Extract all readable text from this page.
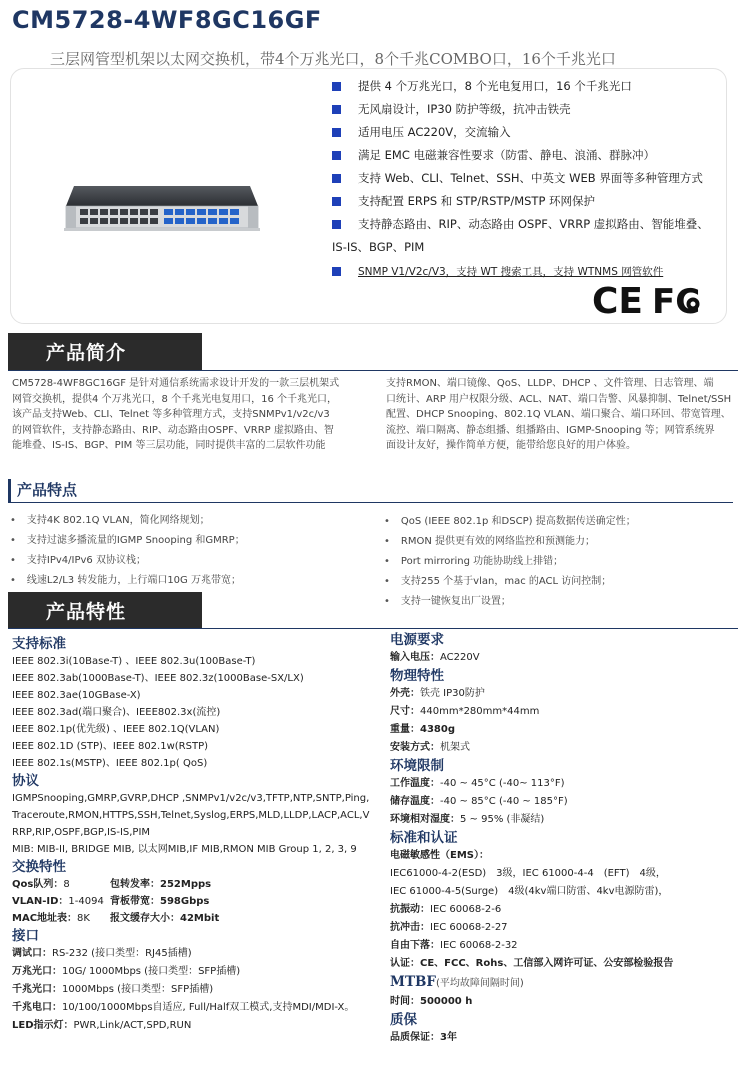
CM5728-4WF8GC16GF
三层网管型机架以太网交换机，带4个万兆光口，8个千兆COMBO口，16个千兆光口
提供 4 个万兆光口，8 个光电复用口，16 个千兆光口
无风扇设计，IP30 防护等级，抗冲击铁壳
适用电压 AC220V，交流输入
满足 EMC 电磁兼容性要求（防雷、静电、浪涌、群脉冲）
支持 Web、CLI、Telnet、SSH、中英文 WEB 界面等多种管理方式
支持配置 ERPS 和 STP/RSTP/MSTP 环网保护
支持静态路由、RIP、动态路由 OSPF、VRRP 虚拟路由、智能堆叠、
IS-IS、BGP、PIM
SNMP V1/V2c/V3，支持 WT 搜索工具，支持 WTNMS 网管软件
CE FC
产品简介
CM5728-4WF8GC16GF 是针对通信系统需求设计开发的一款三层机架式
网管交换机，提供4 个万兆光口，8 个千兆光电复用口，16 个千兆光口，
该产品支持Web、CLI、Telnet 等多种管理方式，支持SNMPv1/v2c/v3
的网管软件，支持静态路由、RIP、动态路由OSPF、VRRP 虚拟路由、智
能堆叠、IS-IS、BGP、PIM 等三层功能，同时提供丰富的二层软件功能
支持RMON、端口镜像、QoS、LLDP、DHCP 、文件管理、日志管理、端
口统计、ARP 用户权限分级、ACL、NAT、端口告警、风暴抑制、Telnet/SSH
配置、DHCP Snooping、802.1Q VLAN、端口聚合、端口环回、带宽管理、
流控、端口隔离、静态组播、组播路由、IGMP-Snooping 等；网管系统界
面设计友好，操作简单方便，能带给您良好的用户体验。
产品特点
• 支持4K 802.1Q VLAN，简化网络规划；
• 支持过滤多播流量的IGMP Snooping 和GMRP；
• 支持IPv4/IPv6 双协议栈；
• 线速L2/L3 转发能力，上行端口10G 万兆带宽；
• QoS (IEEE 802.1p 和DSCP) 提高数据传送确定性；
• RMON 提供更有效的网络监控和预测能力；
• Port mirroring 功能协助线上排错；
• 支持255 个基于vlan，mac 的ACL 访问控制；
• 支持一键恢复出厂设置；
产品特性
支持标准
IEEE 802.3i(10Base-T) 、IEEE 802.3u(100Base-T)
IEEE 802.3ab(1000Base-T)、IEEE 802.3z(1000Base-SX/LX)
IEEE 802.3ae(10GBase-X)
IEEE 802.3ad(端口聚合)、IEEE802.3x(流控)
IEEE 802.1p(优先级) 、IEEE 802.1Q(VLAN)
IEEE 802.1D (STP)、IEEE 802.1w(RSTP)
IEEE 802.1s(MSTP)、IEEE 802.1p( QoS)
协议
IGMPSnooping,GMRP,GVRP,DHCP ,SNMPv1/v2c/v3,TFTP,NTP,SNTP,Ping,Traceroute,RMON,HTTPS,SSH,Telnet,Syslog,ERPS,MLD,LLDP,LACP,ACL,VRRP,RIP,OSPF,BGP,IS-IS,PIM
MIB: MIB-II, BRIDGE MIB, 以太网MIB,IF MIB,RMON MIB Group 1, 2, 3, 9
交换特性
Qos队列：8	包转发率：252Mpps
VLAN-ID：1-4094 背板带宽：598Gbps
MAC地址表：8K 报文缓存大小：42Mbit
接口
调试口：RS-232 (接口类型：RJ45插槽)
万兆光口：10G/ 1000Mbps (接口类型：SFP插槽)
千兆光口：1000Mbps (接口类型：SFP插槽)
千兆电口：10/100/1000Mbps自适应, Full/Half双工模式,支持MDI/MDI-X。
LED指示灯：PWR,Link/ACT,SPD,RUN
电源要求
输入电压：AC220V
物理特性
外壳：铁壳 IP30防护
尺寸：440mm*280mm*44mm
重量：4380g
安装方式：机架式
环境限制
工作温度：-40 ~ 45°C (-40~ 113°F)
储存温度：-40 ~ 85°C (-40 ~ 185°F)
环境相对湿度：5 ~ 95% (非凝结)
标准和认证
电磁敏感性（EMS）：
IEC61000-4-2(ESD)　3级，IEC 61000-4-4　(EFT)　4级，
IEC 61000-4-5(Surge)　4级(4kv端口防雷、4kv电源防雷)，
抗振动：IEC 60068-2-6
抗冲击：IEC 60068-2-27
自由下落：IEC 60068-2-32
认证：CE、FCC、Rohs、工信部入网许可证、公安部检验报告
MTBF(平均故障间隔时间)
时间：500000 h
质保
品质保证：3年
